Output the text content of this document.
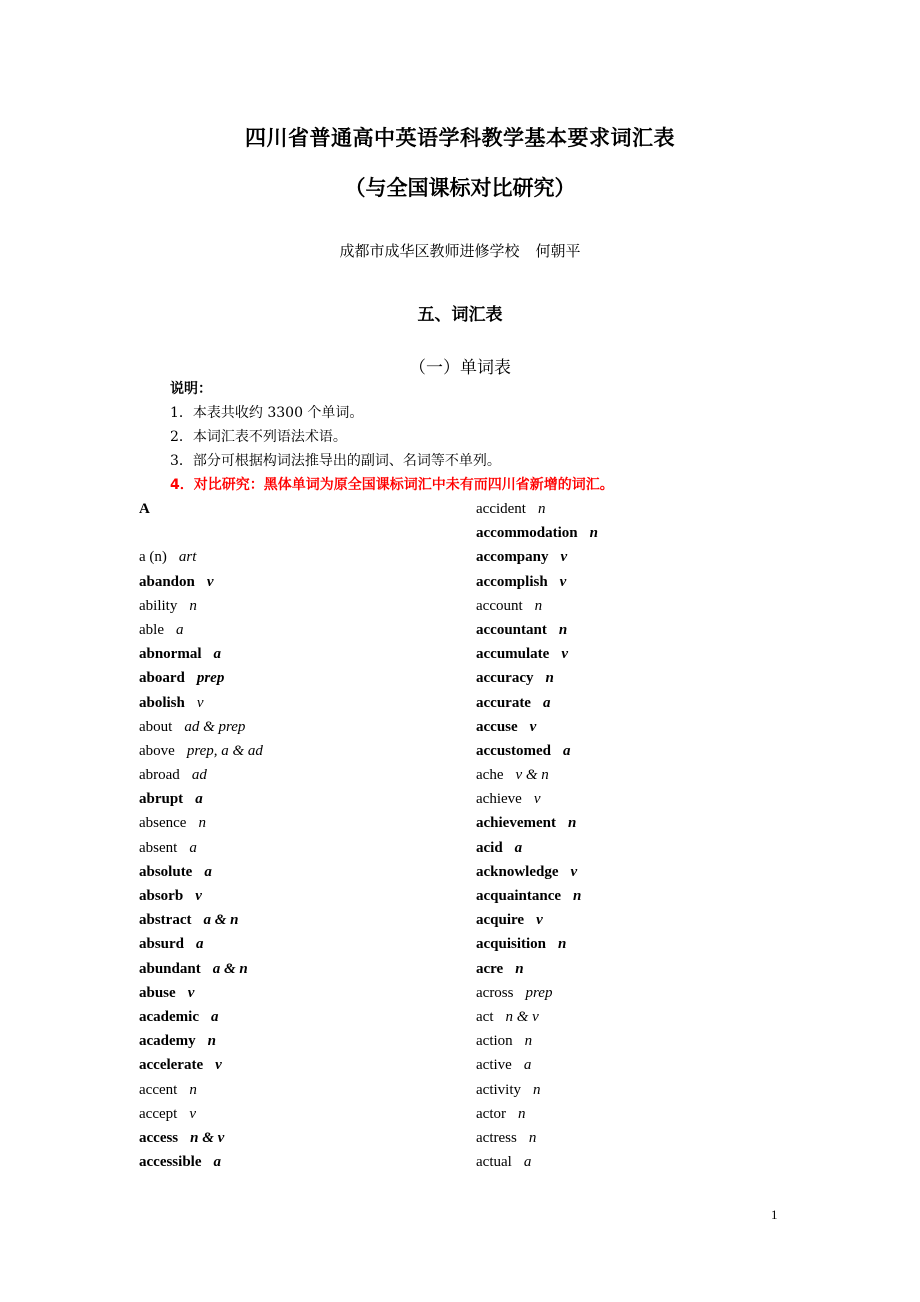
四川省普通高中英语学科教学基本要求词汇表
（与全国课标对比研究）
成都市成华区教师进修学校 何朝平
五、词汇表
（一）单词表
说明：
1．本表共收约 3300 个单词。
2．本词汇表不列语法术语。
3．部分可根据构词法推导出的副词、名词等不单列。
4．对比研究：黑体单词为原全国课标词汇中未有而四川省新增的词汇。
A

a (n) art
abandon v
ability n
able a
abnormal a
aboard prep
abolish v
about ad & prep
above prep, a & ad
abroad ad
abrupt a
absence n
absent a
absolute a
absorb v
abstract a & n
absurd a
abundant a & n
abuse v
academic a
academy n
accelerate v
accent n
accept v
access n & v
accessible a
accident n
accommodation n
accompany v
accomplish v
account n
accountant n
accumulate v
accuracy n
accurate a
accuse v
accustomed a
ache v & n
achieve v
achievement n
acid a
acknowledge v
acquaintance n
acquire v
acquisition n
acre n
across prep
act n & v
action n
active a
activity n
actor n
actress n
actual a
1
